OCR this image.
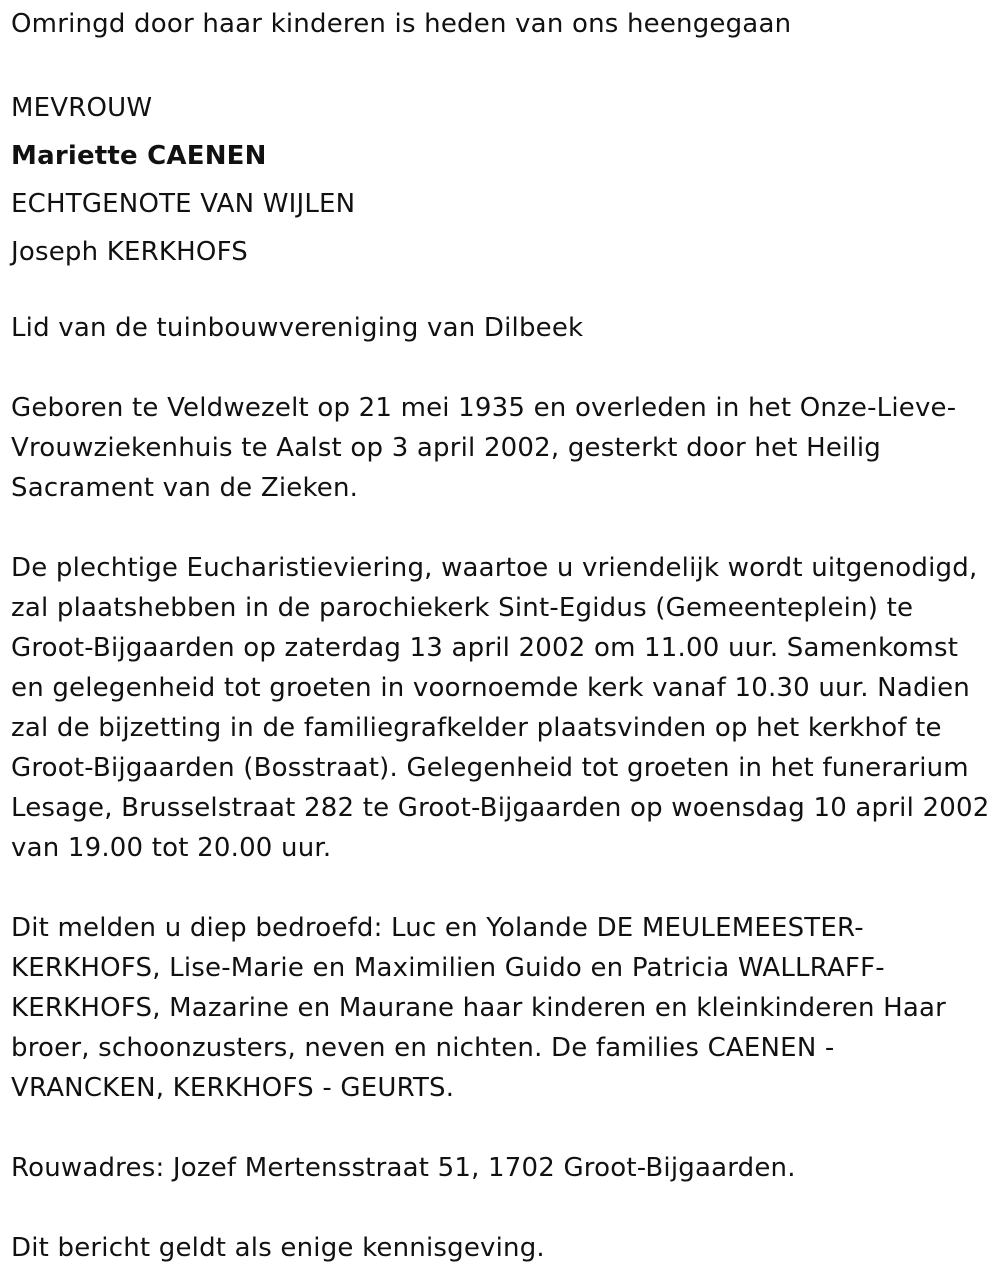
Omringd door haar kinderen is heden van ons heengegaan

MEVROUW

Mariette CAENEN

ECHTGENOTE VAN WIJLEN

Joseph KERKHOFS

Lid van de tuinbouwvereniging van Dilbeek

Geboren te Veldwezelt op 21 mei 1935 en overleden in het Onze-Lieve-Vrouwziekenhuis te Aalst op 3 april 2002, gesterkt door het Heilig Sacrament van de Zieken.

De plechtige Eucharistieviering, waartoe u vriendelijk wordt uitgenodigd, zal plaatshebben in de parochiekerk Sint-Egidus (Gemeenteplein) te Groot-Bijgaarden op zaterdag 13 april 2002 om 11.00 uur. Samenkomst en gelegenheid tot groeten in voornoemde kerk vanaf 10.30 uur. Nadien zal de bijzetting in de familiegrafkelder plaatsvinden op het kerkhof te Groot-Bijgaarden (Bosstraat). Gelegenheid tot groeten in het funerarium Lesage, Brusselstraat 282 te Groot-Bijgaarden op woensdag 10 april 2002 van 19.00 tot 20.00 uur.

Dit melden u diep bedroefd: Luc en Yolande DE MEULEMEESTER-KERKHOFS, Lise-Marie en Maximilien Guido en Patricia WALLRAFF-KERKHOFS, Mazarine en Maurane haar kinderen en kleinkinderen Haar broer, schoonzusters, neven en nichten. De families CAENEN - VRANCKEN, KERKHOFS - GEURTS.

Rouwadres: Jozef Mertensstraat 51, 1702 Groot-Bijgaarden.

Dit bericht geldt als enige kennisgeving.
